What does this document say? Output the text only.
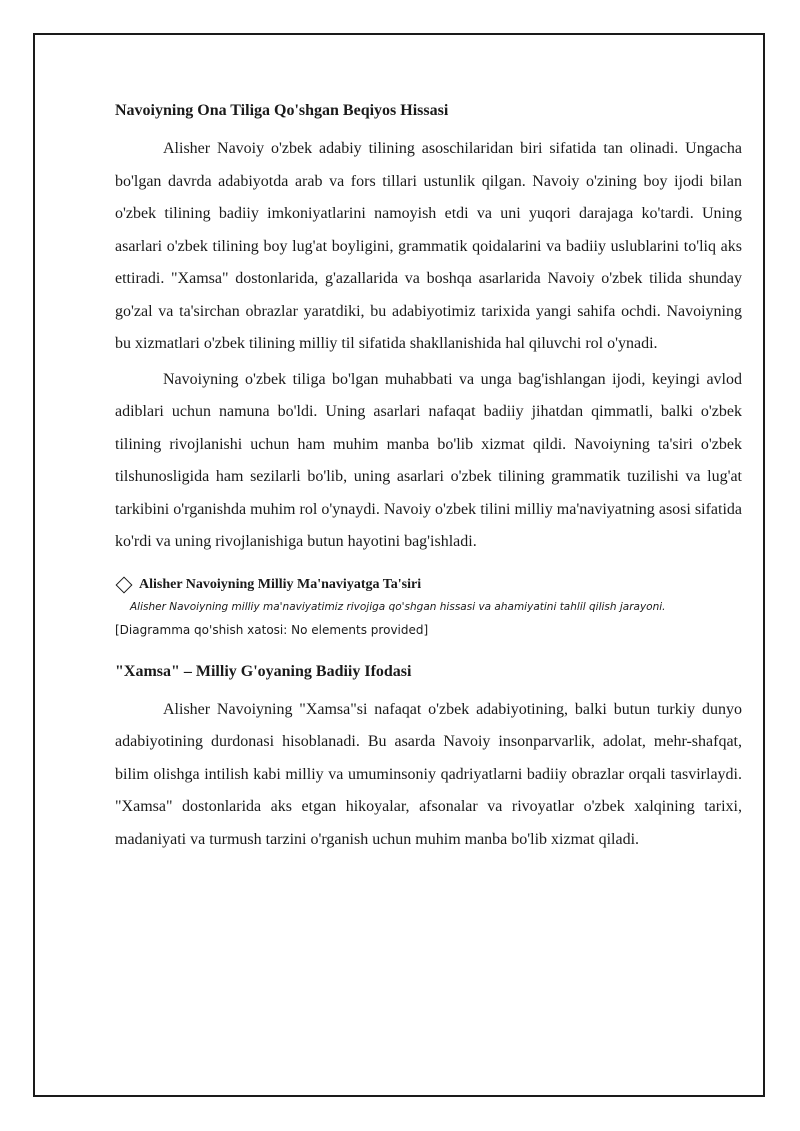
Navoiyning Ona Tiliga Qo'shgan Beqiyos Hissasi

Alisher Navoiy o'zbek adabiy tilining asoschilaridan biri sifatida tan olinadi. Ungacha bo'lgan davrda adabiyotda arab va fors tillari ustunlik qilgan. Navoiy o'zining boy ijodi bilan o'zbek tilining badiiy imkoniyatlarini namoyish etdi va uni yuqori darajaga ko'tardi. Uning asarlari o'zbek tilining boy lug'at boyligini, grammatik qoidalarini va badiiy uslublarini to'liq aks ettiradi. "Xamsa" dostonlarida, g'azallarida va boshqa asarlarida Navoiy o'zbek tilida shunday go'zal va ta'sirchan obrazlar yaratdiki, bu adabiyotimiz tarixida yangi sahifa ochdi. Navoiyning bu xizmatlari o'zbek tilining milliy til sifatida shakllanishida hal qiluvchi rol o'ynadi.

Navoiyning o'zbek tiliga bo'lgan muhabbati va unga bag'ishlangan ijodi, keyingi avlod adiblari uchun namuna bo'ldi. Uning asarlari nafaqat badiiy jihatdan qimmatli, balki o'zbek tilining rivojlanishi uchun ham muhim manba bo'lib xizmat qildi. Navoiyning ta'siri o'zbek tilshunosligida ham sezilarli bo'lib, uning asarlari o'zbek tilining grammatik tuzilishi va lug'at tarkibini o'rganishda muhim rol o'ynaydi. Navoiy o'zbek tilini milliy ma'naviyatning asosi sifatida ko'rdi va uning rivojlanishiga butun hayotini bag'ishladi.

Alisher Navoiyning Milliy Ma'naviyatga Ta'siri
Alisher Navoiyning milliy ma'naviyatimiz rivojiga qo'shgan hissasi va ahamiyatini tahlil qilish jarayoni.
[Diagramma qo'shish xatosi: No elements provided]
"Xamsa" – Milliy G'oyaning Badiiy Ifodasi

Alisher Navoiyning "Xamsa"si nafaqat o'zbek adabiyotining, balki butun turkiy dunyo adabiyotining durdonasi hisoblanadi. Bu asarda Navoiy insonparvarlik, adolat, mehr-shafqat, bilim olishga intilish kabi milliy va umuminsoniy qadriyatlarni badiiy obrazlar orqali tasvirlaydi. "Xamsa" dostonlarida aks etgan hikoyalar, afsonalar va rivoyatlar o'zbek xalqining tarixi, madaniyati va turmush tarzini o'rganish uchun muhim manba bo'lib xizmat qiladi.
